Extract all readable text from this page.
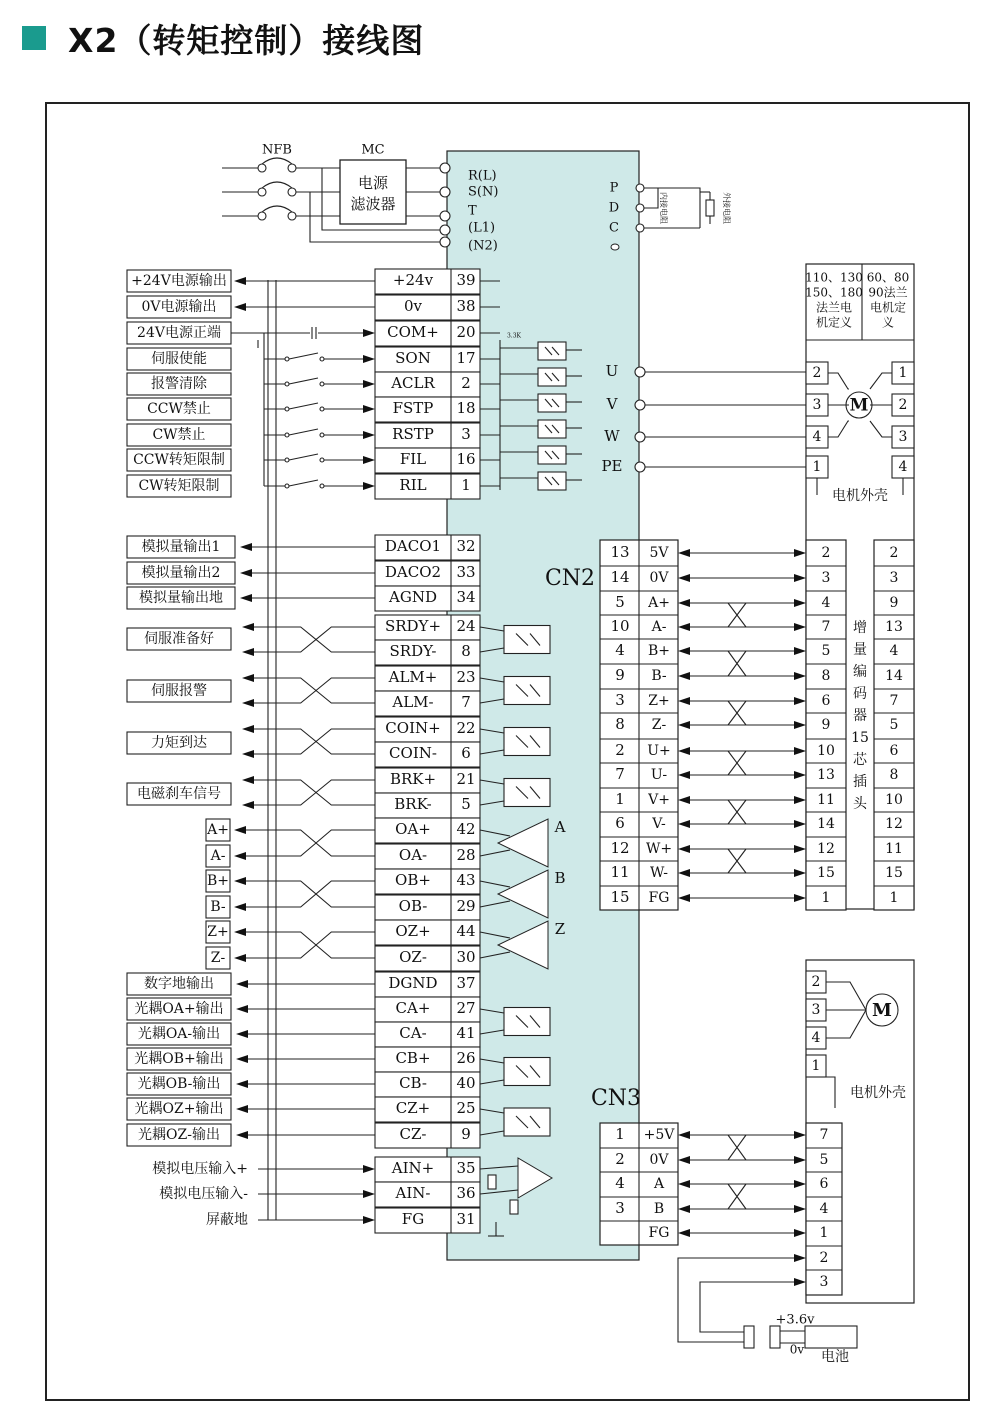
X2（转矩控制）接线图
NFB	MC
电源
滤波器
R(L)
S(N)
T
(L1)
(N2)
P
D
C
内接电阻	外接电阻
+24V电源输出	+24v 39
0V电源输出	0v 38
24V电源正端	COM+ 20
伺服使能	SON 17
报警清除	ACLR 2
CCW禁止	FSTP 18
CW禁止	RSTP 3
CCW转矩限制	FIL 16
CW转矩限制	RIL 1
3.3K
模拟量输出1	DACO1 32
模拟量输出2	DACO2 33
模拟量输出地	AGND 34
伺服准备好
SRDY+ 24
SRDY- 8
伺服报警
ALM+ 23
ALM- 7
力矩到达
COIN+ 22
COIN- 6
电磁刹车信号
BRK+ 21
BRK- 5
A+	OA+ 42
A-	OA- 28
B+	OB+ 43
B-	OB- 29
Z+	OZ+ 44
Z-	OZ- 30
A
B
Z
数字地输出	DGND 37
光耦OA+输出	CA+ 27
光耦OA-输出	CA- 41
光耦OB+输出	CB+ 26
光耦OB-输出	CB- 40
光耦OZ+输出	CZ+ 25
光耦OZ-输出	CZ- 9
模拟电压输入+	AIN+ 35
模拟电压输入-	AIN- 36
屏蔽地	FG 31
U
V
W
PE
110、130
150、180
法兰电
机定义
60、80
90法兰
电机定
义
2
3
4
1
1
2
3
4
M
电机外壳
CN2
13 5V	2	2
14 0V	3	3
5 A+	4	9
10 A-	7	13
4 B+	5	4
9 B-	8	14
3 Z+	6	7
8 Z-	9	5
2 U+	10	6
7 U-	13	8
1 V+	11	10
6 V-	14	12
12 W+	12	11
11 W-	15	15
15 FG	1	1
增
量
编
码
器
15
芯
插
头
2
3
4
1
M
电机外壳
CN3
1 +5V	7
2 0V	5
4 A	6
3 B	4
FG	1
2
3
+3.6v
0v 电池
